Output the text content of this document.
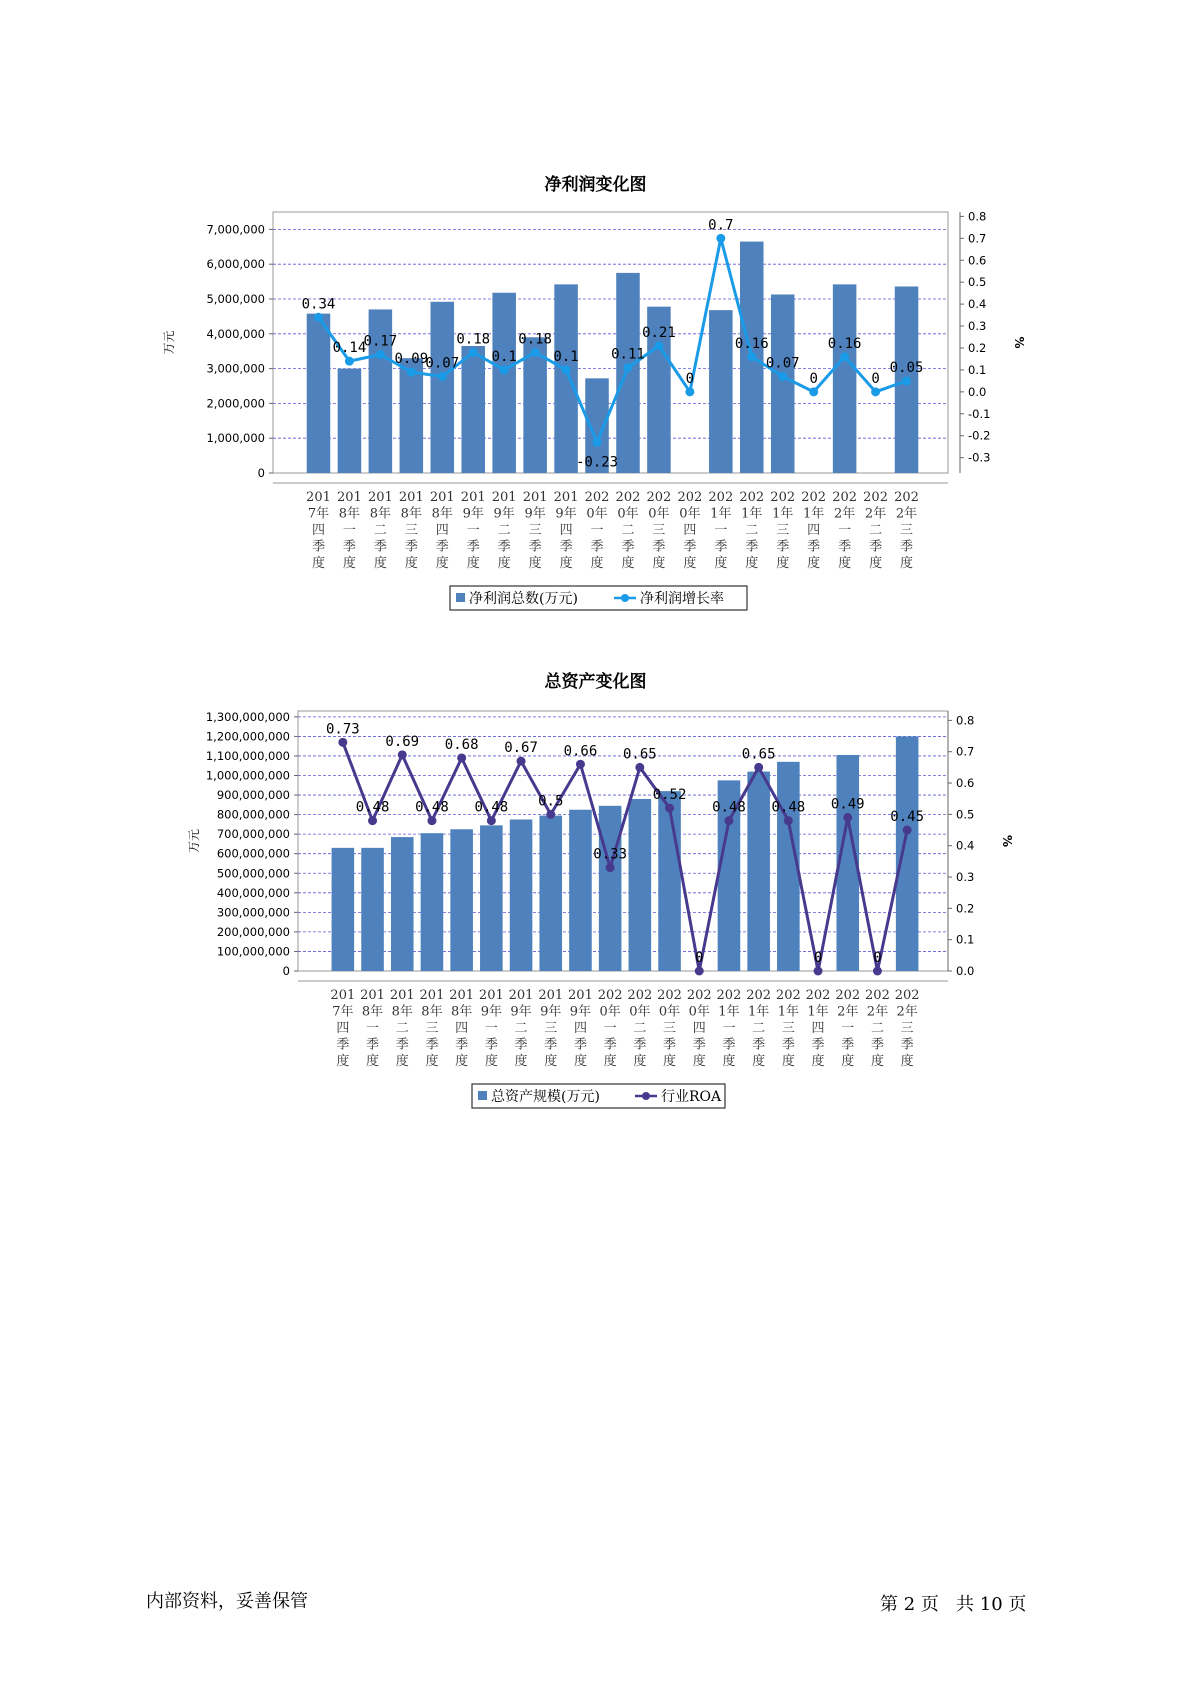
净利润变化图
0
1,000,000
2,000,000
3,000,000
4,000,000
5,000,000
6,000,000
7,000,000
-0.3
-0.2
-0.1
0.0
0.1
0.2
0.3
0.4
0.5
0.6
0.7
0.8
万元	%
201 7年四季度
201 8年一季度
201 8年二季度
201 8年三季度
201 8年四季度
201 9年一季度
201 9年二季度
201 9年三季度
201 9年四季度
202 0年一季度
202 0年二季度
202 0年三季度
202 0年四季度
202 1年一季度
202 1年二季度
202 1年三季度
202 1年四季度
202 2年一季度
202 2年二季度
202 2年三季度
0.34
0.14
0.17
0.09
0.07
0.18
0.1
0.18
0.1
-0.23
0.11
0.21
0
0.7
0.16
0.07
0
0.16
0
0.05
净利润总数(万元)	净利润增长率
总资产变化图
0
100,000,000
200,000,000
300,000,000
400,000,000
500,000,000
600,000,000
700,000,000
800,000,000
900,000,000
1,000,000,000
1,100,000,000
1,200,000,000
1,300,000,000
0.0
0.1
0.2
0.3
0.4
0.5
0.6
0.7
0.8
万元	%
201 7年四季度
201 8年一季度
201 8年二季度
201 8年三季度
201 8年四季度
201 9年一季度
201 9年二季度
201 9年三季度
201 9年四季度
202 0年一季度
202 0年二季度
202 0年三季度
202 0年四季度
202 1年一季度
202 1年二季度
202 1年三季度
202 1年四季度
202 2年一季度
202 2年二季度
202 2年三季度
0.73
0.48
0.69
0.48
0.68
0.48
0.67
0.5
0.66
0.33
0.65
0.52
0
0.48
0.65
0.48
0
0.49
0
0.45
总资产规模(万元)	行业ROA
内部资料，妥善保管	第 2 页   共 10 页
